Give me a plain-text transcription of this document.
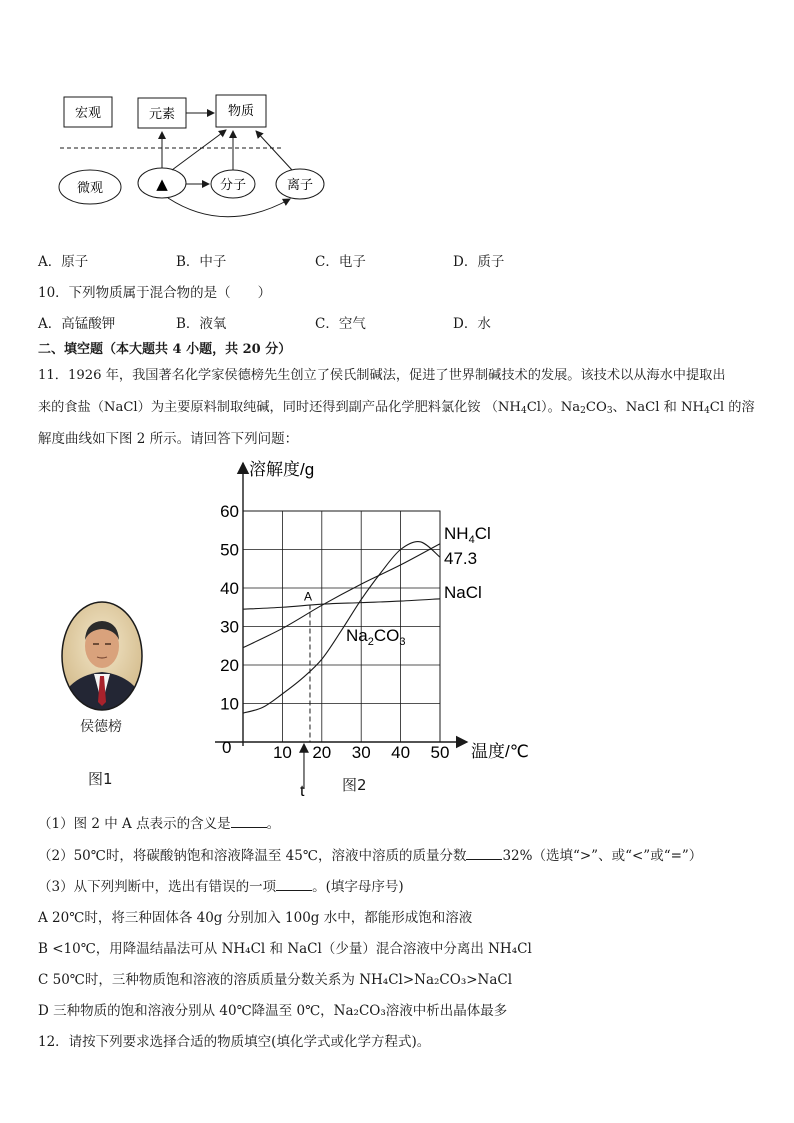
宏观	元素	物质
微观	▲	分子	离子
A．原子	B．中子	C．电子	D．质子
10．下列物质属于混合物的是（　　）
A．高锰酸钾	B．液氧	C．空气	D．水
二、填空题（本大题共 4 小题，共 20 分）
11．1926 年，我国著名化学家侯德榜先生创立了侯氏制碱法，促进了世界制碱技术的发展。该技术以从海水中提取出
来的食盐（NaCl）为主要原料制取纯碱，同时还得到副产品化学肥料氯化铵 $(NH_4Cl)$。$Na_2CO_3$、NaCl 和 $NH_4Cl$ 的溶
解度曲线如下图 2 所示。请回答下列问题：
侯德榜
图1
10 20 30 40 50
10
20
30
40
50
60
$NH_4Cl$
NaCl
$Na_2CO_3$
47.3
A
t
溶解度/g
温度/℃
0
图2
（1）图 2 中 A 点表示的含义是	。
（2）50℃时，将碳酸钠饱和溶液降温至 45℃，溶液中溶质的质量分数	32%（选填“>”、或“<”或“=”）
（3）从下列判断中，选出有错误的一项	。(填字母序号)
A 20℃时，将三种固体各 40g 分别加入 100g 水中，都能形成饱和溶液
B <10℃，用降温结晶法可从 NH₄Cl 和 NaCl（少量）混合溶液中分离出 NH₄Cl
C 50℃时，三种物质饱和溶液的溶质质量分数关系为 NH₄Cl>Na₂CO₃>NaCl
D 三种物质的饱和溶液分别从 40℃降温至 0℃，Na₂CO₃溶液中析出晶体最多
12．请按下列要求选择合适的物质填空(填化学式或化学方程式)。
